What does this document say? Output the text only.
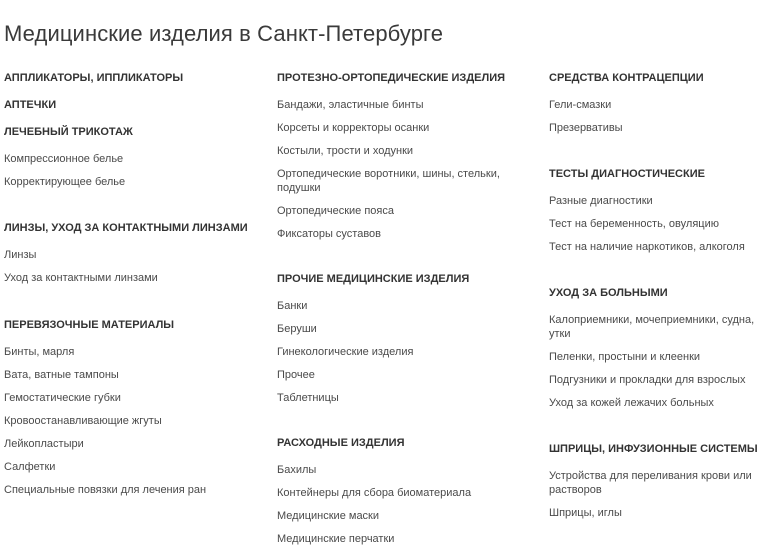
Медицинские изделия в Санкт-Петербурге
АППЛИКАТОРЫ, ИППЛИКАТОРЫ
АПТЕЧКИ
ЛЕЧЕБНЫЙ ТРИКОТАЖ
Компрессионное белье
Корректирующее белье
ЛИНЗЫ, УХОД ЗА КОНТАКТНЫМИ ЛИНЗАМИ
Линзы
Уход за контактными линзами
ПЕРЕВЯЗОЧНЫЕ МАТЕРИАЛЫ
Бинты, марля
Вата, ватные тампоны
Гемостатические губки
Кровоостанавливающие жгуты
Лейкопластыри
Салфетки
Специальные повязки для лечения ран
ПРОТЕЗНО-ОРТОПЕДИЧЕСКИЕ ИЗДЕЛИЯ
Бандажи, эластичные бинты
Корсеты и корректоры осанки
Костыли, трости и ходунки
Ортопедические воротники, шины, стельки, подушки
Ортопедические пояса
Фиксаторы суставов
ПРОЧИЕ МЕДИЦИНСКИЕ ИЗДЕЛИЯ
Банки
Беруши
Гинекологические изделия
Прочее
Таблетницы
РАСХОДНЫЕ ИЗДЕЛИЯ
Бахилы
Контейнеры для сбора биоматериала
Медицинские маски
Медицинские перчатки
СРЕДСТВА КОНТРАЦЕПЦИИ
Гели-смазки
Презервативы
ТЕСТЫ ДИАГНОСТИЧЕСКИЕ
Разные диагностики
Тест на беременность, овуляцию
Тест на наличие наркотиков, алкоголя
УХОД ЗА БОЛЬНЫМИ
Калоприемники, мочеприемники, судна, утки
Пеленки, простыни и клеенки
Подгузники и прокладки для взрослых
Уход за кожей лежачих больных
ШПРИЦЫ, ИНФУЗИОННЫЕ СИСТЕМЫ
Устройства для переливания крови или растворов
Шприцы, иглы
